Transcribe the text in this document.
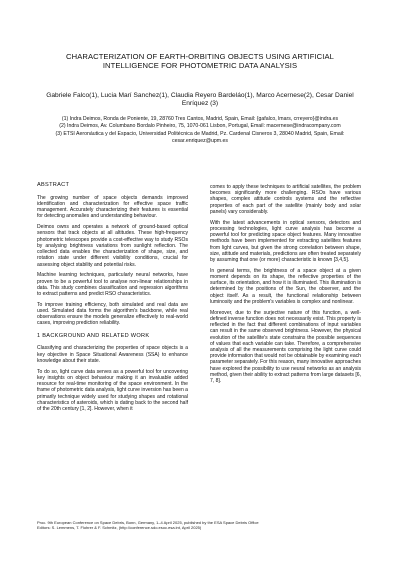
CHARACTERIZATION OF EARTH-ORBITING OBJECTS USING ARTIFICIAL INTELLIGENCE FOR PHOTOMETRIC DATA ANALYSIS
Gabriele Falco(1), Lucia Marí Sanchez(1), Claudia Reyero Bardeláo(1), Marco Acernese(2), Cesar Daniel Enríquez (3)
(1) Indra Deimos, Ronda de Poniente, 19, 28760 Tres Cantos, Madrid, Spain, Email: {gafalco, lmars, crreyero}@indra.es
(2) Indra Deimos, Av. Columbano Bordalo Pinheiro, 75, 1070-061 Lisbon, Portugal, Email: macernese@indracompany.com
(3) ETSI Aeronáutica y del Espacio, Universidad Politécnica de Madrid, Pz. Cardenal Cisneros 3, 28040 Madrid, Spain, Email: cesar.enriquez@upm.es
ABSTRACT

The growing number of space objects demands improved identification and characterization for effective space traffic management. Accurately characterizing their features is essential for detecting anomalies and understanding behaviour.

Deimos owns and operates a network of ground-based optical sensors that track objects at all altitudes. These high-frequency photometric telescopes provide a cost-effective way to study RSOs by analysing brightness variations from sunlight reflection. The collected data enables the characterization of shape, size, and rotation state under different visibility conditions, crucial for assessing object stability and potential risks.

Machine learning techniques, particularly neural networks, have proven to be a powerful tool to analyse non-linear relationships in data. This study combines classification and regression algorithms to extract patterns and predict RSO characteristics.

To improve training efficiency, both simulated and real data are used. Simulated data forms the algorithm's backbone, while real observations ensure the models generalize effectively to real-world cases, improving prediction reliability.

1 BACKGROUND AND RELATED WORK

Classifying and characterizing the properties of space objects is a key objective in Space Situational Awareness (SSA) to enhance knowledge about their state.

To do so, light curve data serves as a powerful tool for uncovering key insights on object behaviour making it an invaluable added resource for real-time monitoring of the space environment. In the frame of photometric data analysis, light curve inversion has been a primarily technique widely used for studying shapes and rotational characteristics of asteroids, which is dating back to the second half of the 20th century [1, 2]. However, when it

comes to apply these techniques to artificial satellites, the problem becomes significantly more challenging. RSOs have various shapes, complex attitude controls systems and the reflective properties of each part of the satellite (mainly body and solar panels) vary considerably.

With the latest advancements in optical sensors, detectors and processing technologies, light curve analysis has become a powerful tool for predicting space object features. Many innovative methods have been implemented for extracting satellites features from light curves, but given the strong correlation between shape, size, attitude and materials, predictions are often treated separately by assuming that one (or more) characteristic is known [3,4,5].

In general terms, the brightness of a space object at a given moment depends on its shape, the reflective properties of the surface, its orientation, and how it is illuminated. This illumination is determined by the positions of the Sun, the observer, and the object itself. As a result, the functional relationship between luminosity and the problem's variables is complex and nonlinear.

Moreover, due to the surjective nature of this function, a well-defined inverse function does not necessarily exist. This property is reflected in the fact that different combinations of input variables can result in the same observed brightness. However, the physical evolution of the satellite's state constrains the possible sequences of values that each variable can take. Therefore, a comprehensive analysis of all the measurements comprising the light curve could provide information that would not be obtainable by examining each parameter separately. For this reason, many innovative approaches have explored the possibility to use neural networks as an analysis method, given their ability to extract patterns from large datasets [6, 7, 8].

Proc. 9th European Conference on Space Debris, Bonn, Germany, 1–4 April 2025, published by the ESA Space Debris Office
Editors: S. Lemmens, T. Flohrer & F. Schmitz, (http://conference.sdo.esoc.esa.int, April 2025)
